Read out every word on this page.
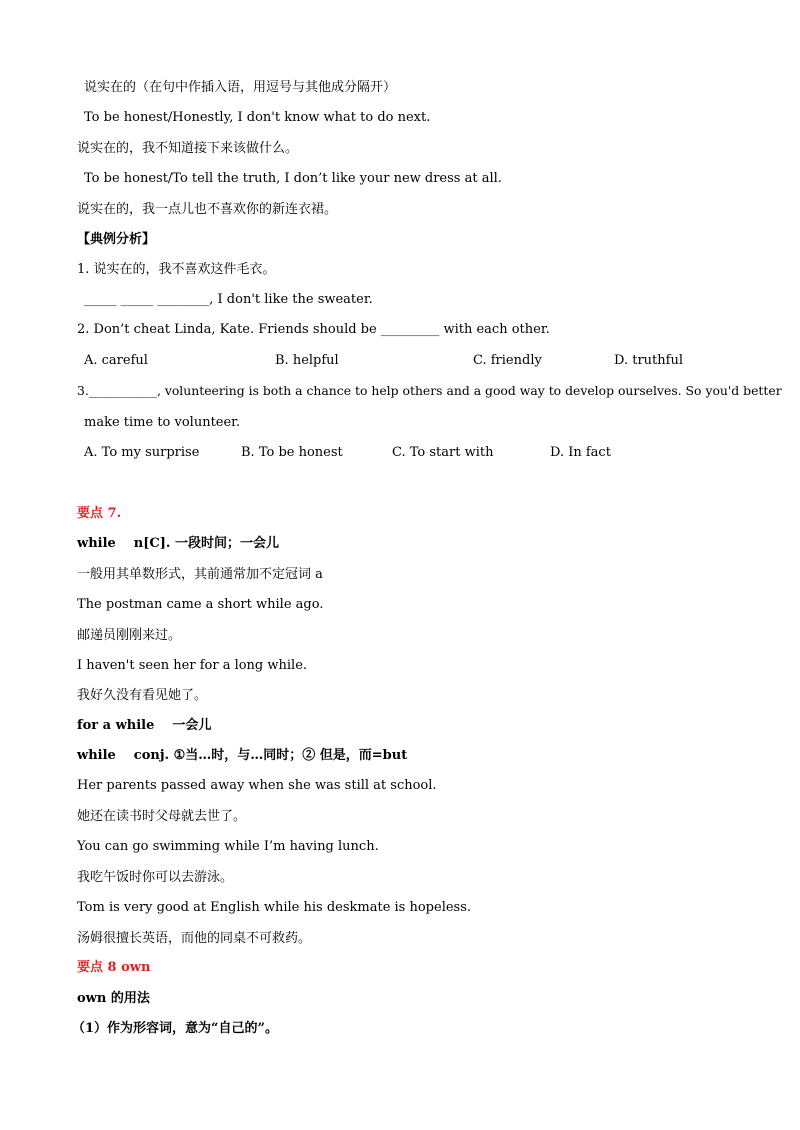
说实在的（在句中作插入语，用逗号与其他成分隔开）
To be honest/Honestly, I don't know what to do next.
说实在的，我不知道接下来该做什么。
To be honest/To tell the truth, I don’t like your new dress at all.
说实在的，我一点儿也不喜欢你的新连衣裙。
【典例分析】
1. 说实在的，我不喜欢这件毛衣。
_____ _____ ________, I don't like the sweater.
2. Don’t cheat Linda, Kate. Friends should be _________ with each other.
A. careful	B. helpful	C. friendly	D. truthful
3.___________, volunteering is both a chance to help others and a good way to develop ourselves. So you'd better
make time to volunteer.
A. To my surprise	B. To be honest	C. To start with	D. In fact
要点 7.
while n[C]. 一段时间；一会儿
一般用其单数形式，其前通常加不定冠词 a
The postman came a short while ago.
邮递员刚刚来过。
I haven't seen her for a long while.
我好久没有看见她了。
for a while 一会儿
while conj. ①当…时，与…同时；② 但是，而=but
Her parents passed away when she was still at school.
她还在读书时父母就去世了。
You can go swimming while I’m having lunch.
我吃午饭时你可以去游泳。
Tom is very good at English while his deskmate is hopeless.
汤姆很擅长英语，而他的同桌不可救药。
要点 8 own
own 的用法
（1）作为形容词，意为“自己的”。
